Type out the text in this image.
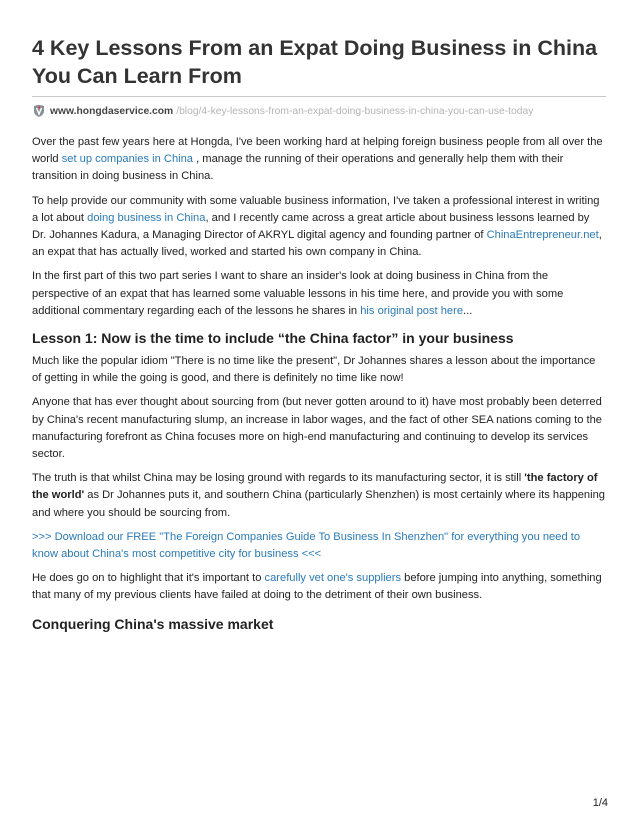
4 Key Lessons From an Expat Doing Business in China You Can Learn From
www.hongdaservice.com /blog/4-key-lessons-from-an-expat-doing-business-in-china-you-can-use-today

Over the past few years here at Hongda, I've been working hard at helping foreign business people from all over the world set up companies in China , manage the running of their operations and generally help them with their transition in doing business in China.

To help provide our community with some valuable business information, I've taken a professional interest in writing a lot about doing business in China, and I recently came across a great article about business lessons learned by Dr. Johannes Kadura, a Managing Director of AKRYL digital agency and founding partner of ChinaEntrepreneur.net, an expat that has actually lived, worked and started his own company in China.

In the first part of this two part series I want to share an insider's look at doing business in China from the perspective of an expat that has learned some valuable lessons in his time here, and provide you with some additional commentary regarding each of the lessons he shares in his original post here...

Lesson 1: Now is the time to include “the China factor” in your business

Much like the popular idiom "There is no time like the present", Dr Johannes shares a lesson about the importance of getting in while the going is good, and there is definitely no time like now!

Anyone that has ever thought about sourcing from (but never gotten around to it) have most probably been deterred by China's recent manufacturing slump, an increase in labor wages, and the fact of other SEA nations coming to the manufacturing forefront as China focuses more on high-end manufacturing and continuing to develop its services sector.

The truth is that whilst China may be losing ground with regards to its manufacturing sector, it is still 'the factory of the world' as Dr Johannes puts it, and southern China (particularly Shenzhen) is most certainly where its happening and where you should be sourcing from.

>>> Download our FREE "The Foreign Companies Guide To Business In Shenzhen" for everything you need to know about China's most competitive city for business <<<

He does go on to highlight that it's important to carefully vet one's suppliers before jumping into anything, something that many of my previous clients have failed at doing to the detriment of their own business.

Conquering China's massive market
1/4
